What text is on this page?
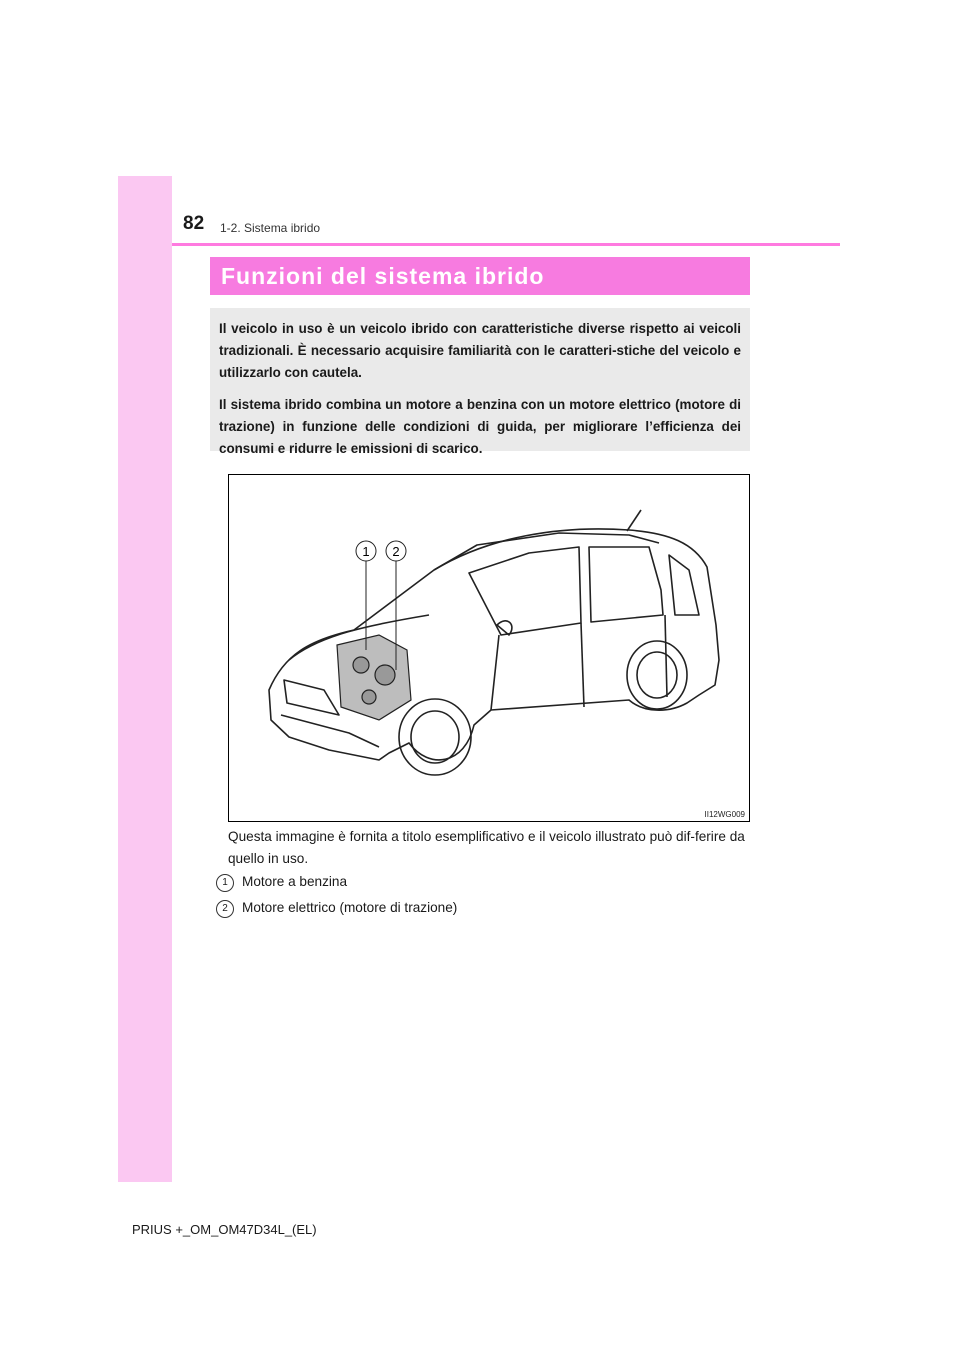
82 1-2. Sistema ibrido
Funzioni del sistema ibrido

Il veicolo in uso è un veicolo ibrido con caratteristiche diverse rispetto ai veicoli tradizionali. È necessario acquisire familiarità con le caratteri-stiche del veicolo e utilizzarlo con cautela.

Il sistema ibrido combina un motore a benzina con un motore elettrico (motore di trazione) in funzione delle condizioni di guida, per migliorare l’efficienza dei consumi e ridurre le emissioni di scarico.

1 2
II12WG009
Questa immagine è fornita a titolo esemplificativo e il veicolo illustrato può dif-ferire da quello in uso.
1	Motore a benzina
2	Motore elettrico (motore di trazione)
PRIUS +_OM_OM47D34L_(EL)
